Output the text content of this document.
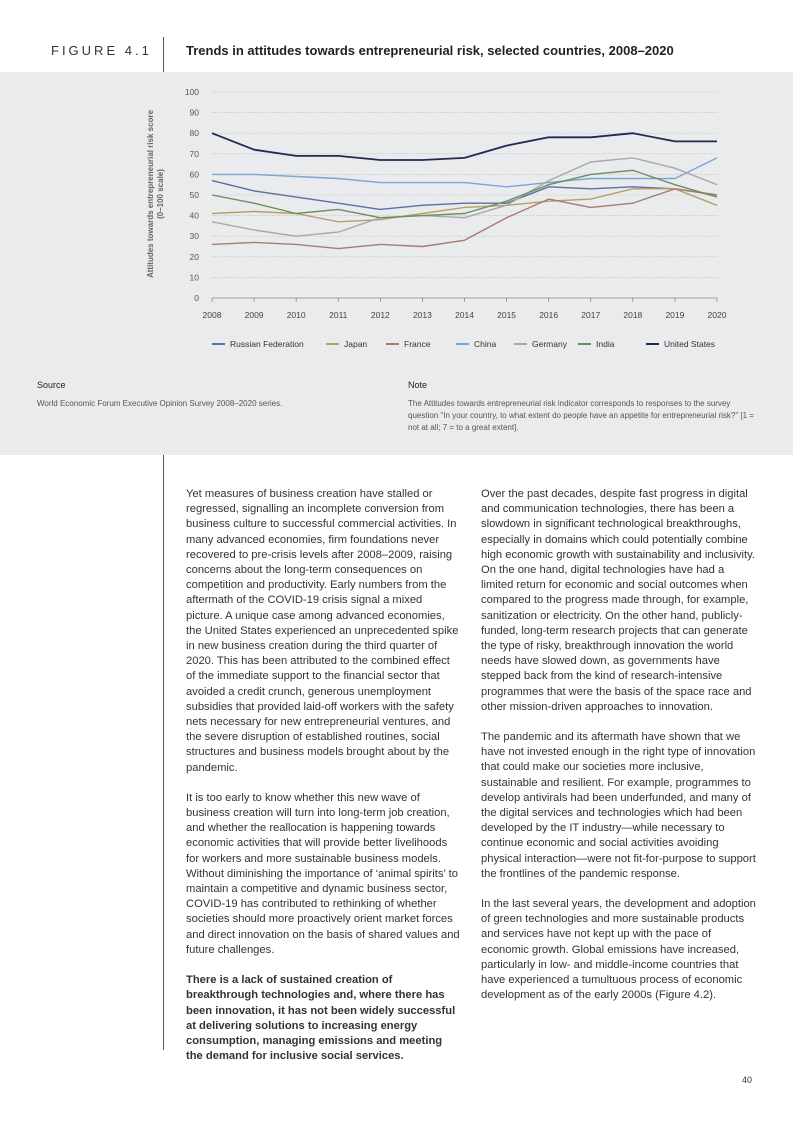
FIGURE 4.1	Trends in attitudes towards entrepreneurial risk, selected countries, 2008–2020
0
10
20
30
40
50
60
70
80
90
100
2008	2009	2010	2011	2012	2013	2014	2015	2016	2017	2018	2019	2020
Attitudes towards entrepreneurial risk score (0–100 scale)
Russian Federation	Japan	France	China	Germany	India	United States
Source
World Economic Forum Executive Opinion Survey 2008–2020 series.
Note
The Attitudes towards entrepreneurial risk indicator corresponds to responses to the survey question "In your country, to what extent do people have an appetite for entrepreneurial risk?" [1 = not at all; 7 = to a great extent].

Yet measures of business creation have stalled or regressed, signalling an incomplete conversion from business culture to successful commercial activities. In many advanced economies, firm foundations never recovered to pre-crisis levels after 2008–2009, raising concerns about the long-term consequences on competition and productivity. Early numbers from the aftermath of the COVID-19 crisis signal a mixed picture. A unique case among advanced economies, the United States experienced an unprecedented spike in new business creation during the third quarter of 2020. This has been attributed to the combined effect of the immediate support to the financial sector that avoided a credit crunch, generous unemployment subsidies that provided laid-off workers with the safety nets necessary for new entrepreneurial ventures, and the severe disruption of established routines, social structures and business models brought about by the pandemic.

It is too early to know whether this new wave of business creation will turn into long-term job creation, and whether the reallocation is happening towards economic activities that will provide better livelihoods for workers and more sustainable business models. Without diminishing the importance of ‘animal spirits’ to maintain a competitive and dynamic business sector, COVID-19 has contributed to rethinking of whether societies should more proactively orient market forces and direct innovation on the basis of shared values and future challenges.

There is a lack of sustained creation of breakthrough technologies and, where there has been innovation, it has not been widely successful at delivering solutions to increasing energy consumption, managing emissions and meeting the demand for inclusive social services.

Over the past decades, despite fast progress in digital and communication technologies, there has been a slowdown in significant technological breakthroughs, especially in domains which could potentially combine high economic growth with sustainability and inclusivity. On the one hand, digital technologies have had a limited return for economic and social outcomes when compared to the progress made through, for example, sanitization or electricity. On the other hand, publicly-funded, long-term research projects that can generate the type of risky, breakthrough innovation the world needs have slowed down, as governments have stepped back from the kind of research-intensive programmes that were the basis of the space race and other mission-driven approaches to innovation.

The pandemic and its aftermath have shown that we have not invested enough in the right type of innovation that could make our societies more inclusive, sustainable and resilient. For example, programmes to develop antivirals had been underfunded, and many of the digital services and technologies which had been developed by the IT industry—while necessary to continue economic and social activities avoiding physical interaction—were not fit-for-purpose to support the frontlines of the pandemic response.

In the last several years, the development and adoption of green technologies and more sustainable products and services have not kept up with the pace of economic growth. Global emissions have increased, particularly in low- and middle-income countries that have experienced a tumultuous process of economic development as of the early 2000s (Figure 4.2).

40
